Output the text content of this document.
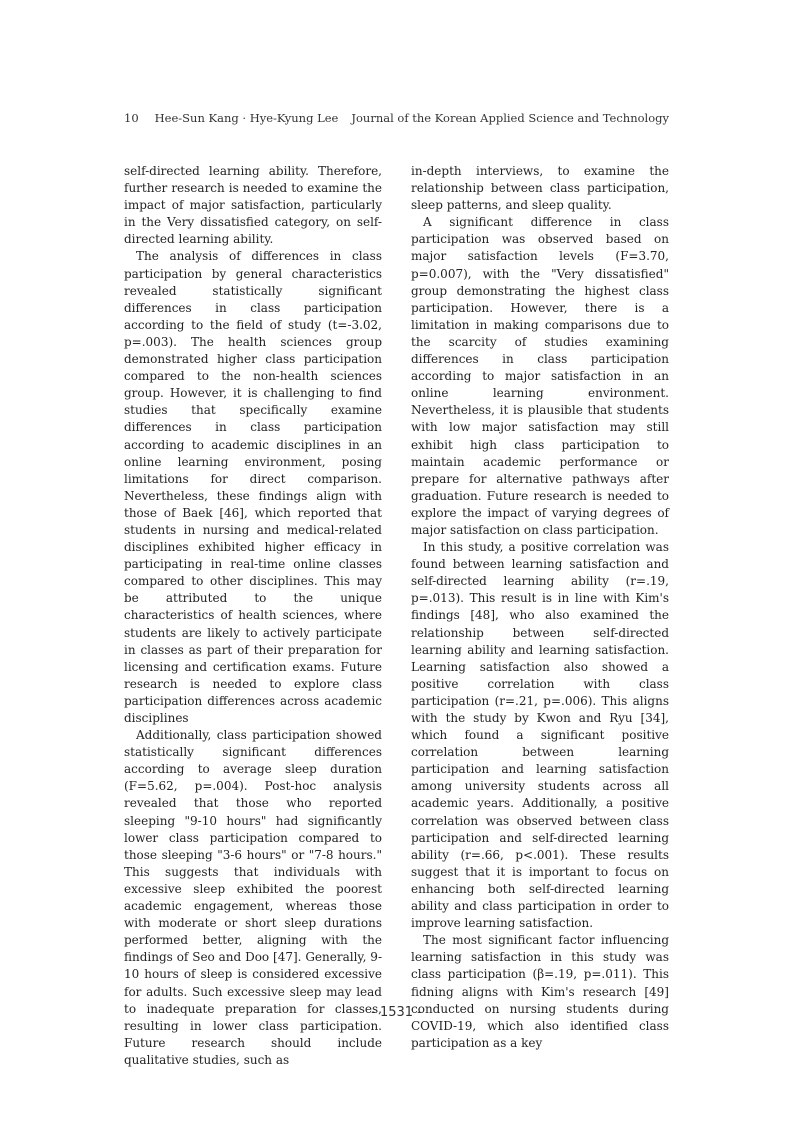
10 Hee-Sun Kang · Hye-Kyung Lee Journal of the Korean Applied Science and Technology

self-directed learning ability. Therefore, further research is needed to examine the impact of major satisfaction, particularly in the Very dissatisfied category, on self-directed learning ability.

The analysis of differences in class participation by general characteristics revealed statistically significant differences in class participation according to the field of study (t=-3.02, p=.003). The health sciences group demonstrated higher class participation compared to the non-health sciences group. However, it is challenging to find studies that specifically examine differences in class participation according to academic disciplines in an online learning environment, posing limitations for direct comparison. Nevertheless, these findings align with those of Baek [46], which reported that students in nursing and medical-related disciplines exhibited higher efficacy in participating in real-time online classes compared to other disciplines. This may be attributed to the unique characteristics of health sciences, where students are likely to actively participate in classes as part of their preparation for licensing and certification exams. Future research is needed to explore class participation differences across academic disciplines

Additionally, class participation showed statistically significant differences according to average sleep duration (F=5.62, p=.004). Post-hoc analysis revealed that those who reported sleeping "9-10 hours" had significantly lower class participation compared to those sleeping "3-6 hours" or "7-8 hours." This suggests that individuals with excessive sleep exhibited the poorest academic engagement, whereas those with moderate or short sleep durations performed better, aligning with the findings of Seo and Doo [47]. Generally, 9-10 hours of sleep is considered excessive for adults. Such excessive sleep may lead to inadequate preparation for classes, resulting in lower class participation. Future research should include qualitative studies, such as

in-depth interviews, to examine the relationship between class participation, sleep patterns, and sleep quality.

A significant difference in class participation was observed based on major satisfaction levels (F=3.70, p=0.007), with the "Very dissatisfied" group demonstrating the highest class participation. However, there is a limitation in making comparisons due to the scarcity of studies examining differences in class participation according to major satisfaction in an online learning environment. Nevertheless, it is plausible that students with low major satisfaction may still exhibit high class participation to maintain academic performance or prepare for alternative pathways after graduation. Future research is needed to explore the impact of varying degrees of major satisfaction on class participation.

In this study, a positive correlation was found between learning satisfaction and self-directed learning ability (r=.19, p=.013). This result is in line with Kim's findings [48], who also examined the relationship between self-directed learning ability and learning satisfaction. Learning satisfaction also showed a positive correlation with class participation (r=.21, p=.006). This aligns with the study by Kwon and Ryu [34], which found a significant positive correlation between learning participation and learning satisfaction among university students across all academic years. Additionally, a positive correlation was observed between class participation and self-directed learning ability (r=.66, p<.001). These results suggest that it is important to focus on enhancing both self-directed learning ability and class participation in order to improve learning satisfaction.

The most significant factor influencing learning satisfaction in this study was class participation (β=.19, p=.011). This fidning aligns with Kim's research [49] conducted on nursing students during COVID-19, which also identified class participation as a key

- 1531 -
